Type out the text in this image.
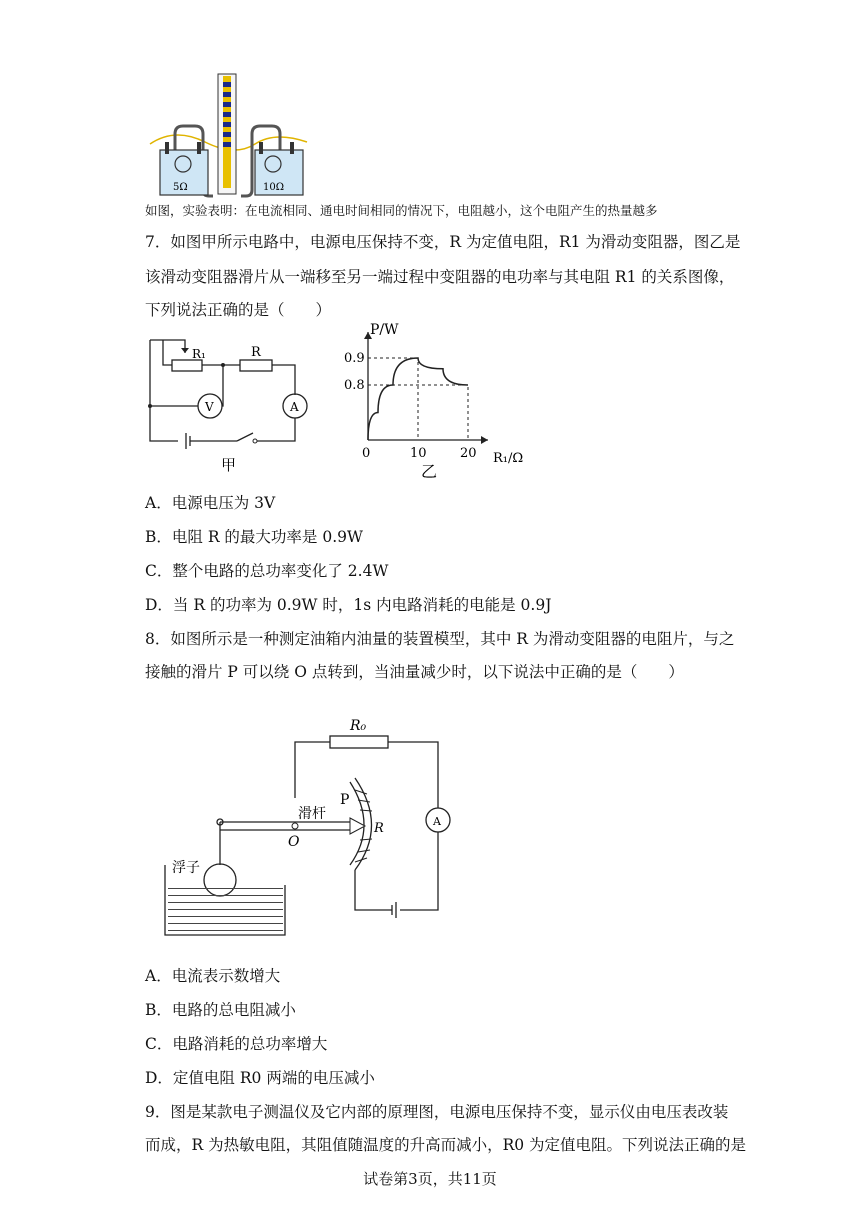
5Ω	10Ω
如图，实验表明：在电流相同、通电时间相同的情况下，电阻越小，这个电阻产生的热量越多
7．如图甲所示电路中，电源电压保持不变，R 为定值电阻，R1 为滑动变阻器，图乙是
该滑动变阻器滑片从一端移至另一端过程中变阻器的电功率与其电阻 R1 的关系图像，
下列说法正确的是（　　）
R₁	R
V	A
甲
P/W
0.9
0.8
0	10	20 R₁/Ω
乙
A．电源电压为 3V
B．电阻 R 的最大功率是 0.9W
C．整个电路的总功率变化了 2.4W
D．当 R 的功率为 0.9W 时，1s 内电路消耗的电能是 0.9J
8．如图所示是一种测定油箱内油量的装置模型，其中 R 为滑动变阻器的电阻片，与之
接触的滑片 P 可以绕 O 点转到，当油量减少时，以下说法中正确的是（　　）
R₀
P
滑杆
R
O
A
浮子
A．电流表示数增大
B．电路的总电阻减小
C．电路消耗的总功率增大
D．定值电阻 R0 两端的电压减小
9．图是某款电子测温仪及它内部的原理图，电源电压保持不变，显示仪由电压表改装
而成，R 为热敏电阻，其阻值随温度的升高而减小，R0 为定值电阻。下列说法正确的是
试卷第3页，共11页
